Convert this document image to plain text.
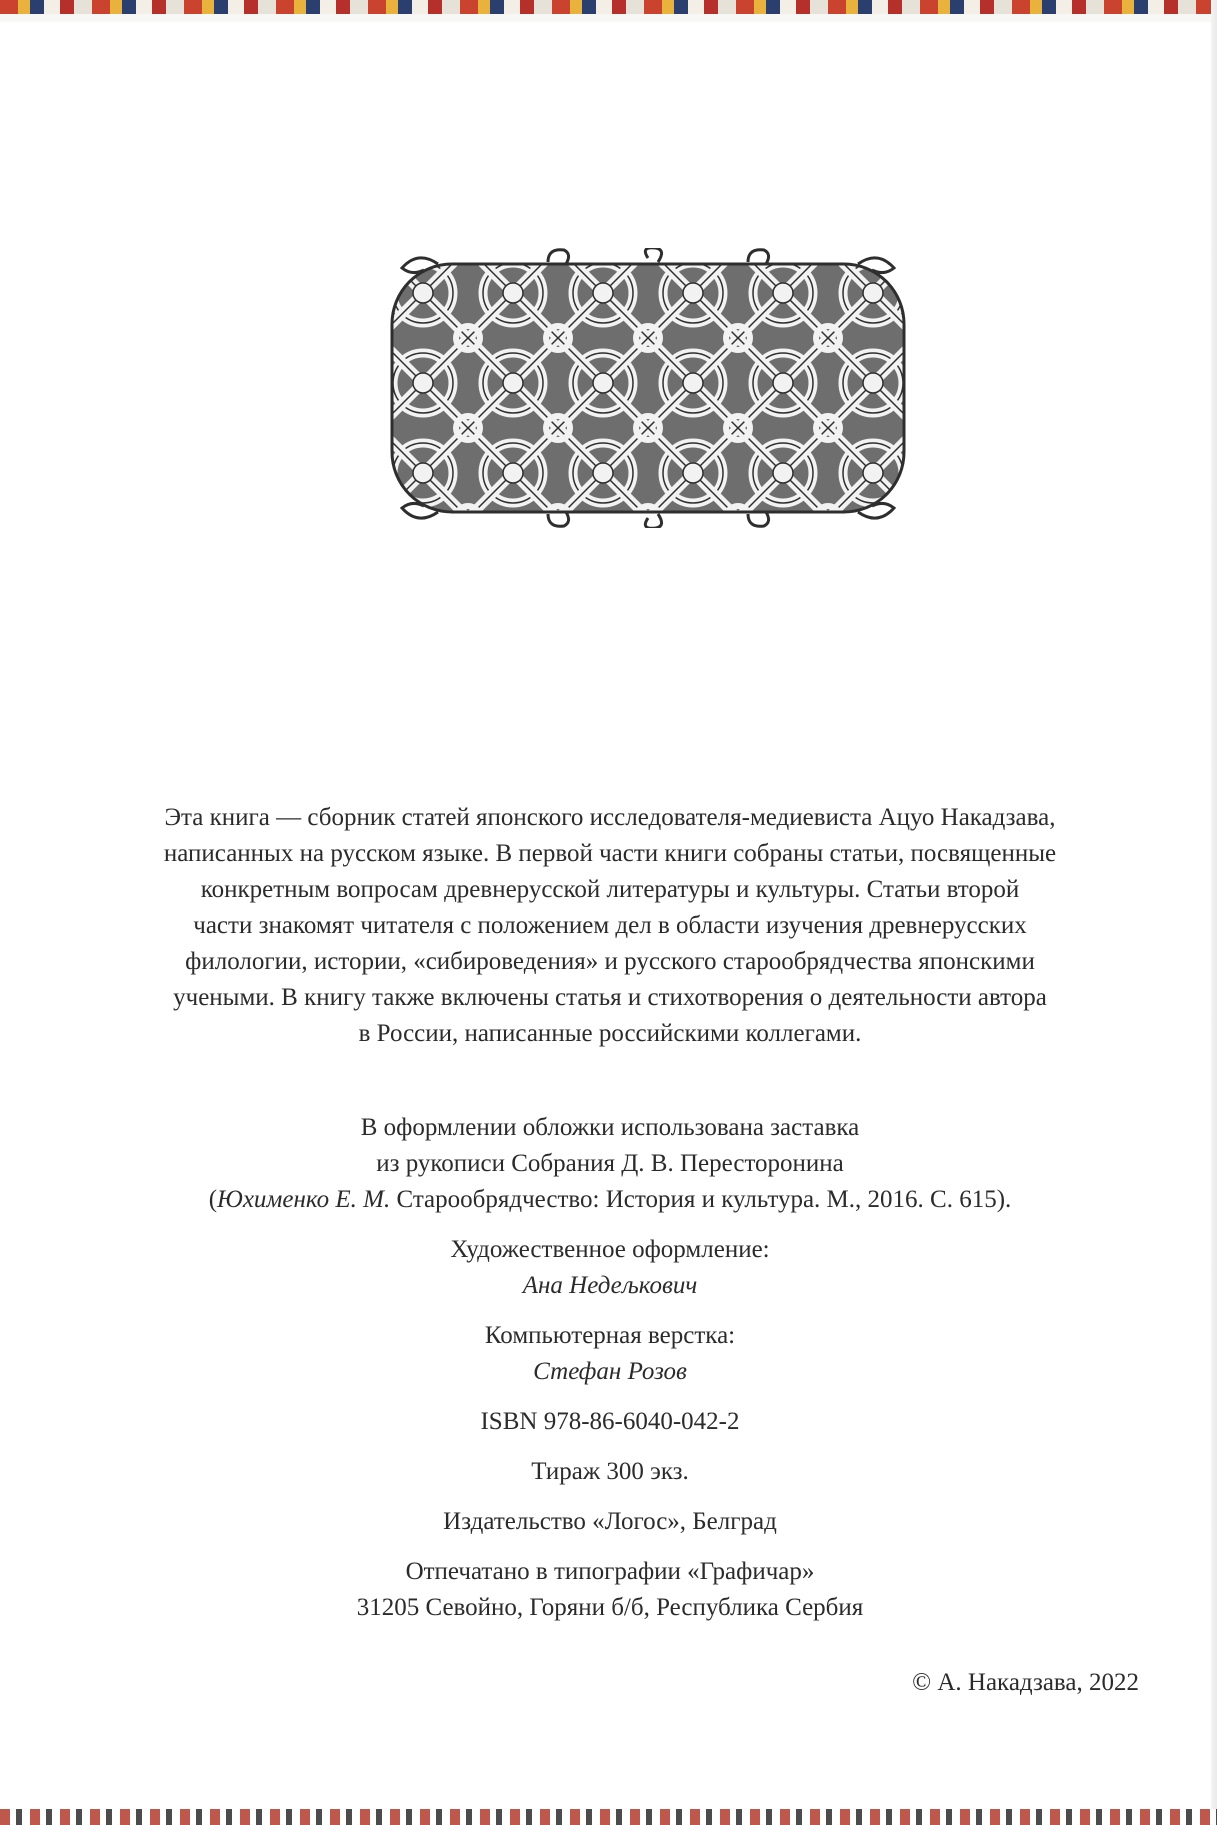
Эта книга — сборник статей японского исследователя-медиевиста Ацуо Накадзава,

написанных на русском языке. В первой части книги собраны статьи, посвященные

конкретным вопросам древнерусской литературы и культуры. Статьи второй

части знакомят читателя с положением дел в области изучения древнерусских

филологии, истории, «сибироведения» и русского старообрядчества японскими

учеными. В книгу также включены статья и стихотворения о деятельности автора

в России, написанные российскими коллегами.

В оформлении обложки использована заставка
из рукописи Собрания Д. В. Пересторонина
(Юхименко Е. М. Старообрядчество: История и культура. М., 2016. С. 615).
Художественное оформление:
Ана Недељкович
Компьютерная верстка:
Стефан Розов
ISBN 978-86-6040-042-2
Тираж 300 экз.
Издательство «Логос», Белград
Отпечатано в типографии «Графичар»
31205 Севойно, Горяни б/б, Республика Сербия
© А. Накадзава, 2022
